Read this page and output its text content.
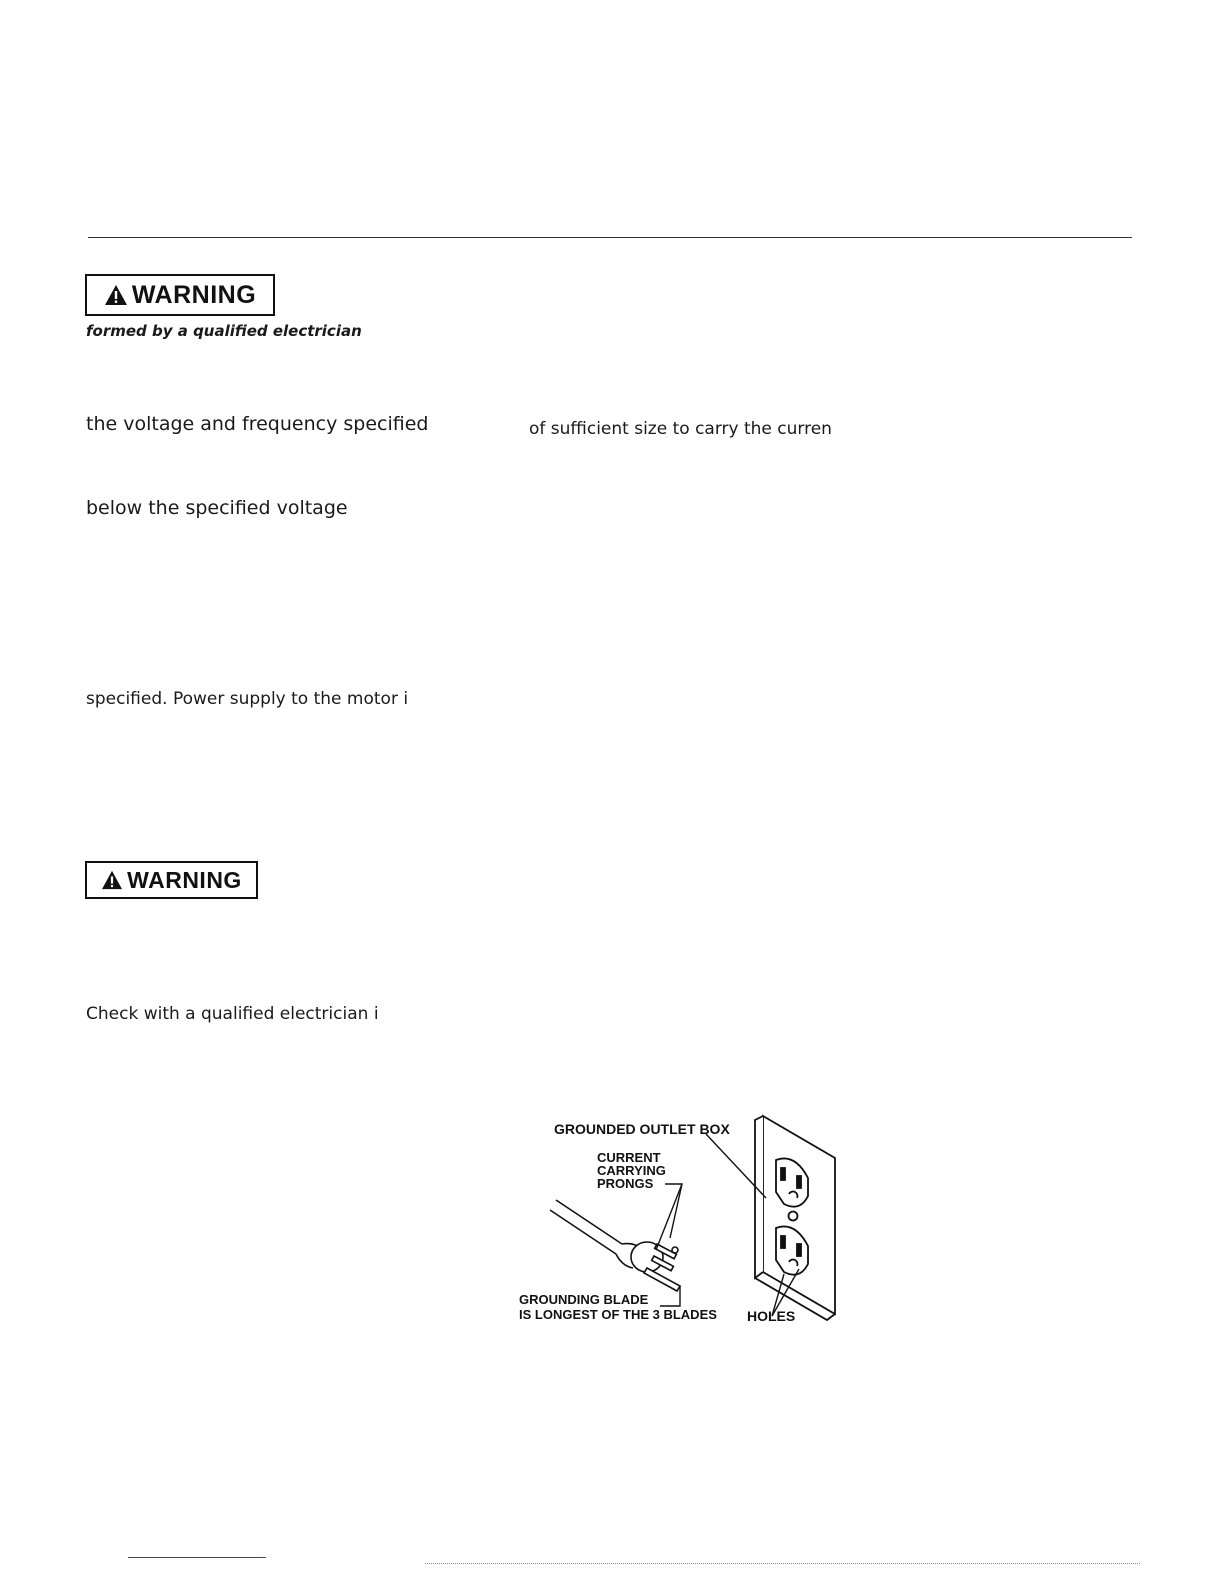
WARNING
formed by a qualified electrician
the voltage and frequency specified	of sufficient size to carry the curren
below the specified voltage
specified. Power supply to the motor i
WARNING
Check with a qualified electrician i
GROUNDED OUTLET BOX
CURRENT
CARRYING
PRONGS
GROUNDING BLADE
IS LONGEST OF THE 3 BLADES HOLES
